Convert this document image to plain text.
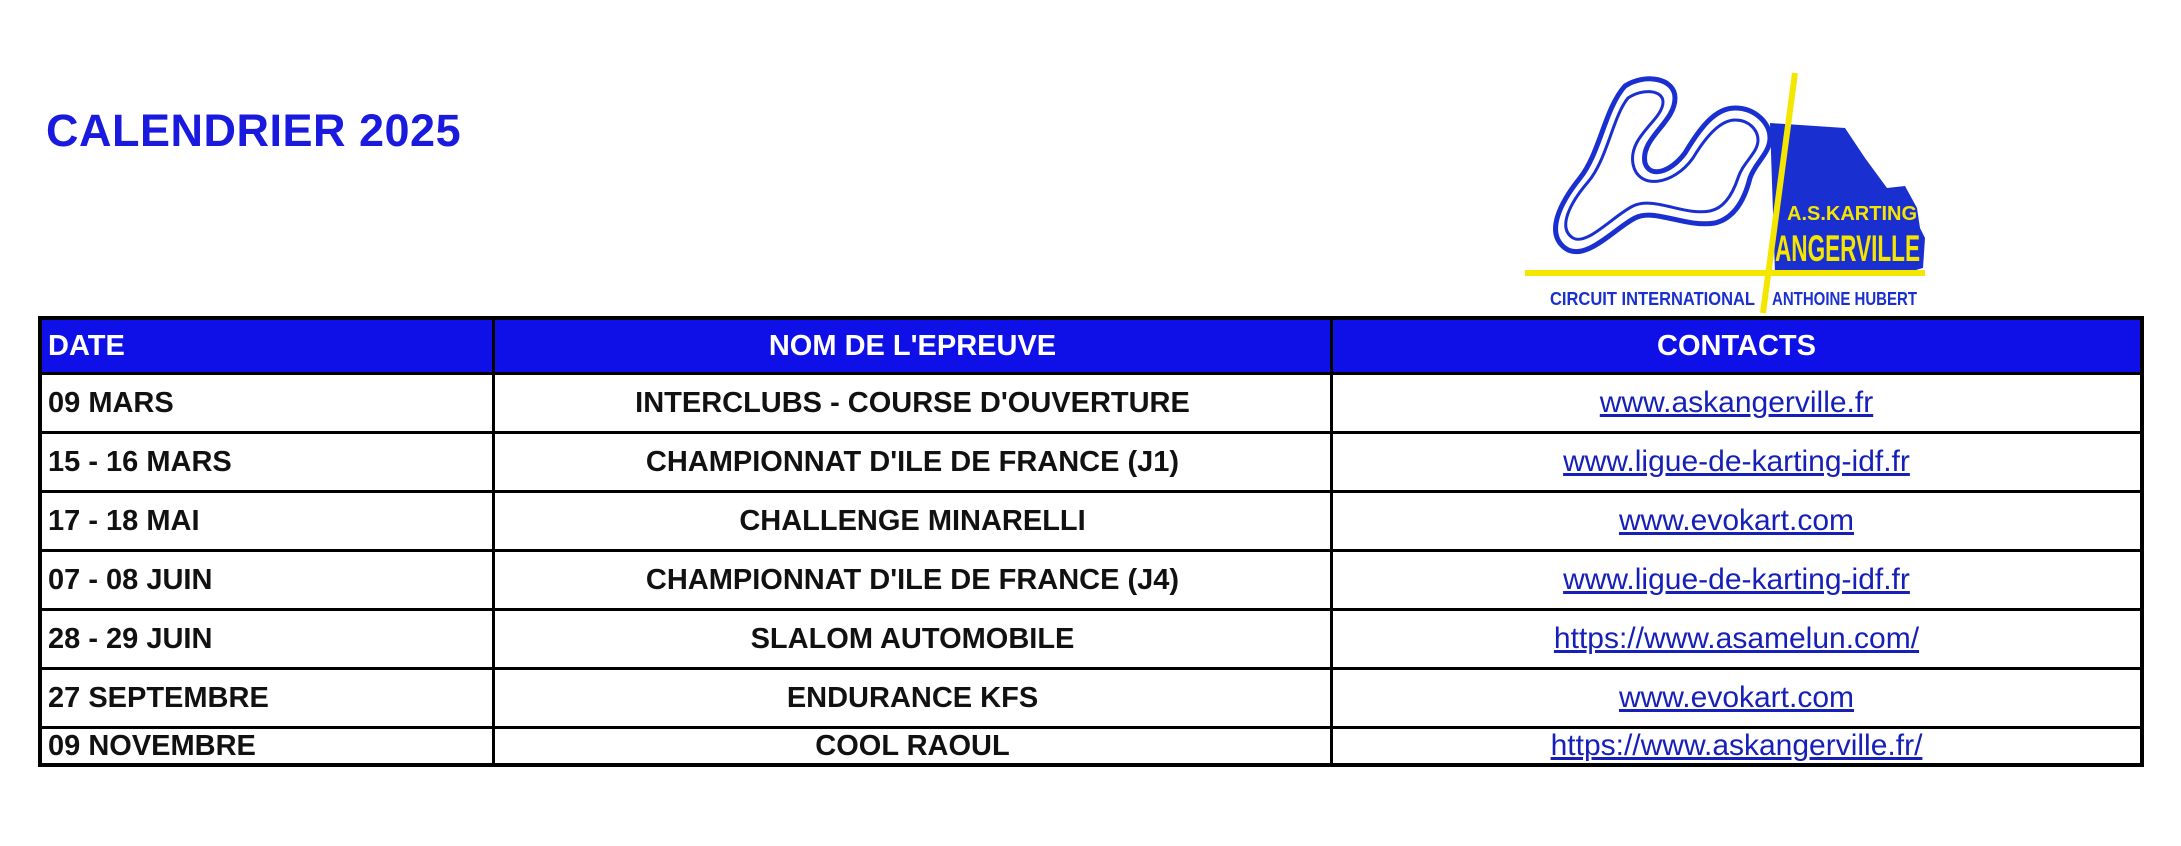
CALENDRIER 2025
A.S.KARTING
ANGERVILLE
CIRCUIT INTERNATIONAL ANTHOINE HUBERT
DATE	NOM DE L'EPREUVE	CONTACTS
09 MARS	INTERCLUBS - COURSE D'OUVERTURE	www.askangerville.fr
15 - 16 MARS	CHAMPIONNAT D'ILE DE FRANCE (J1)	www.ligue-de-karting-idf.fr
17 - 18 MAI	CHALLENGE MINARELLI	www.evokart.com
07 - 08 JUIN	CHAMPIONNAT D'ILE DE FRANCE (J4)	www.ligue-de-karting-idf.fr
28 - 29 JUIN	SLALOM AUTOMOBILE	https://www.asamelun.com/
27 SEPTEMBRE	ENDURANCE KFS	www.evokart.com
09 NOVEMBRE	COOL RAOUL	https://www.askangerville.fr/
